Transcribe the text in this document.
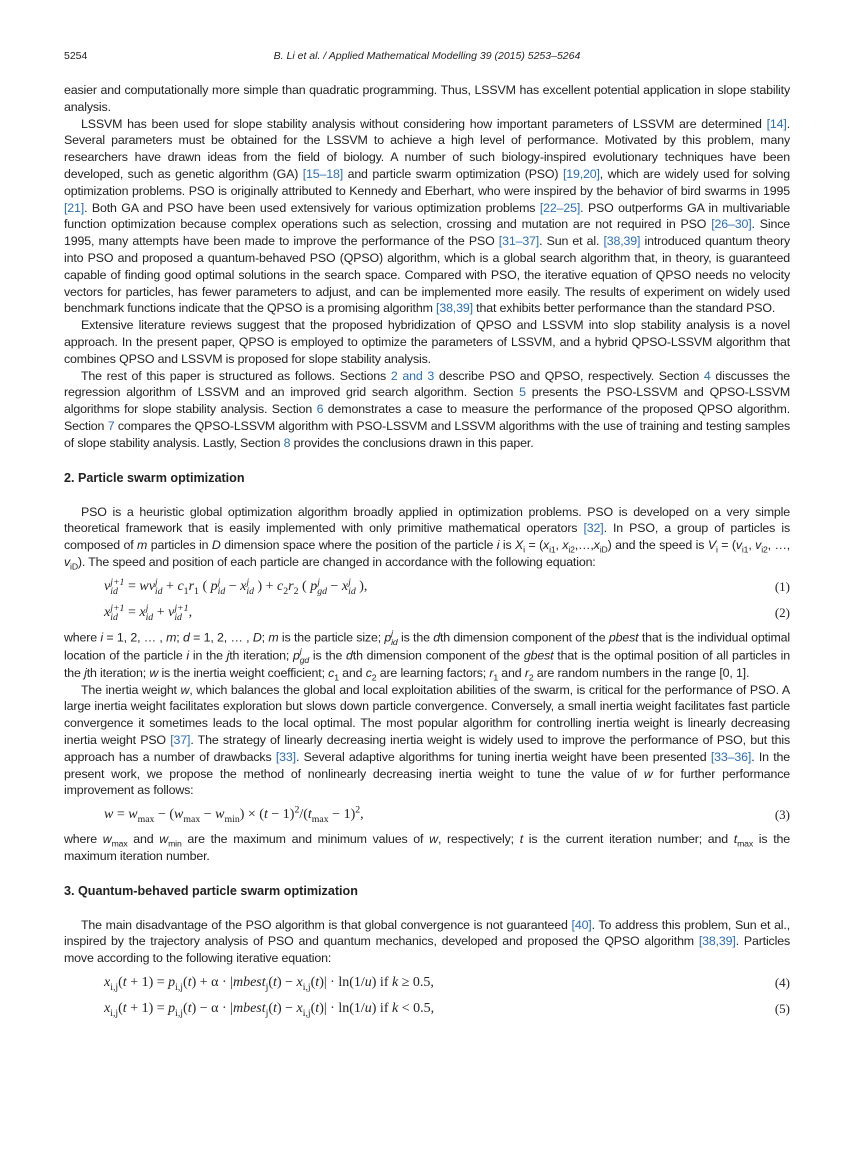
5254	B. Li et al. / Applied Mathematical Modelling 39 (2015) 5253–5264

easier and computationally more simple than quadratic programming. Thus, LSSVM has excellent potential application in slope stability analysis.

LSSVM has been used for slope stability analysis without considering how important parameters of LSSVM are determined [14]. Several parameters must be obtained for the LSSVM to achieve a high level of performance. Motivated by this problem, many researchers have drawn ideas from the field of biology. A number of such biology-inspired evolutionary techniques have been developed, such as genetic algorithm (GA) [15–18] and particle swarm optimization (PSO) [19,20], which are widely used for solving optimization problems. PSO is originally attributed to Kennedy and Eberhart, who were inspired by the behavior of bird swarms in 1995 [21]. Both GA and PSO have been used extensively for various optimization problems [22–25]. PSO outperforms GA in multivariable function optimization because complex operations such as selection, crossing and mutation are not required in PSO [26–30]. Since 1995, many attempts have been made to improve the performance of the PSO [31–37]. Sun et al. [38,39] introduced quantum theory into PSO and proposed a quantum-behaved PSO (QPSO) algorithm, which is a global search algorithm that, in theory, is guaranteed capable of finding good optimal solutions in the search space. Compared with PSO, the iterative equation of QPSO needs no velocity vectors for particles, has fewer parameters to adjust, and can be implemented more easily. The results of experiment on widely used benchmark functions indicate that the QPSO is a promising algorithm [38,39] that exhibits better performance than the standard PSO.

Extensive literature reviews suggest that the proposed hybridization of QPSO and LSSVM into slop stability analysis is a novel approach. In the present paper, QPSO is employed to optimize the parameters of LSSVM, and a hybrid QPSO-LSSVM algorithm that combines QPSO and LSSVM is proposed for slope stability analysis.

The rest of this paper is structured as follows. Sections 2 and 3 describe PSO and QPSO, respectively. Section 4 discusses the regression algorithm of LSSVM and an improved grid search algorithm. Section 5 presents the PSO-LSSVM and QPSO-LSSVM algorithms for slope stability analysis. Section 6 demonstrates a case to measure the performance of the proposed QPSO algorithm. Section 7 compares the QPSO-LSSVM algorithm with PSO-LSSVM and LSSVM algorithms with the use of training and testing samples of slope stability analysis. Lastly, Section 8 provides the conclusions drawn in this paper.

2. Particle swarm optimization

PSO is a heuristic global optimization algorithm broadly applied in optimization problems. PSO is developed on a very simple theoretical framework that is easily implemented with only primitive mathematical operators [32]. In PSO, a group of particles is composed of m particles in D dimension space where the position of the particle i is $X_i = (x_{i1}$, $x_{i2},\dots,x_{iD}$) and the speed is $V_i = (v_{i1}$, $v_{i2}$, …, $v_{iD}$). The speed and position of each particle are changed in accordance with the following equation:

v id
j+1 = wv id
$j + c_1r_1$ ( p id
j − x id
j ) + $c_2r_2$ ( p gd
j − x id
j ),	(1)
x id
j+1 = x id
j + v id
j+1 ,	(2)

where i = 1, 2, … , m; d = 1, 2, … , D; m is the particle size; p id
j is the dth dimension component of the pbest that is the individual optimal location of the particle i in the jth iteration; p gd
j is the dth dimension component of the gbest that is the optimal position of all particles in the jth iteration; w is the inertia weight coefficient; $c_1$ and $c_2$ are learning factors; $r_1$ and $r_2$ are random numbers in the range [0, 1].

The inertia weight w, which balances the global and local exploitation abilities of the swarm, is critical for the performance of PSO. A large inertia weight facilitates exploration but slows down particle convergence. Conversely, a small inertia weight facilitates fast particle convergence it sometimes leads to the local optimal. The most popular algorithm for controlling inertia weight is linearly decreasing inertia weight PSO [37]. The strategy of linearly decreasing inertia weight is widely used to improve the performance of PSO, but this approach has a number of drawbacks [33]. Several adaptive algorithms for tuning inertia weight have been presented [33–36]. In the present work, we propose the method of nonlinearly decreasing inertia weight to tune the value of w for further performance improvement as follows:

$w = w_{max} - (w_{max} - w_{min}) \times (t - 1)^2/(t_{max} - 1)^2$,	(3)

where $w_{max}$ and $w_{min}$ are the maximum and minimum values of w, respectively; t is the current iteration number; and $t_{max}$ is the maximum iteration number.

3. Quantum-behaved particle swarm optimization

The main disadvantage of the PSO algorithm is that global convergence is not guaranteed [40]. To address this problem, Sun et al., inspired by the trajectory analysis of PSO and quantum mechanics, developed and proposed the QPSO algorithm [38,39]. Particles move according to the following iterative equation:

$x_{i,j}(t + 1) = p_{i,j}(t) + \alpha$ · |mbest$_j$(t) − $x_{i,j}(t)| \cdot \ln(1/u)$ if k ≥ 0.5,	(4)
$x_{i,j}(t + 1) = p_{i,j}(t) - \alpha$ · |mbest$_j$(t) − $x_{i,j}(t)| \cdot \ln(1/u)$ if k < 0.5,	(5)
